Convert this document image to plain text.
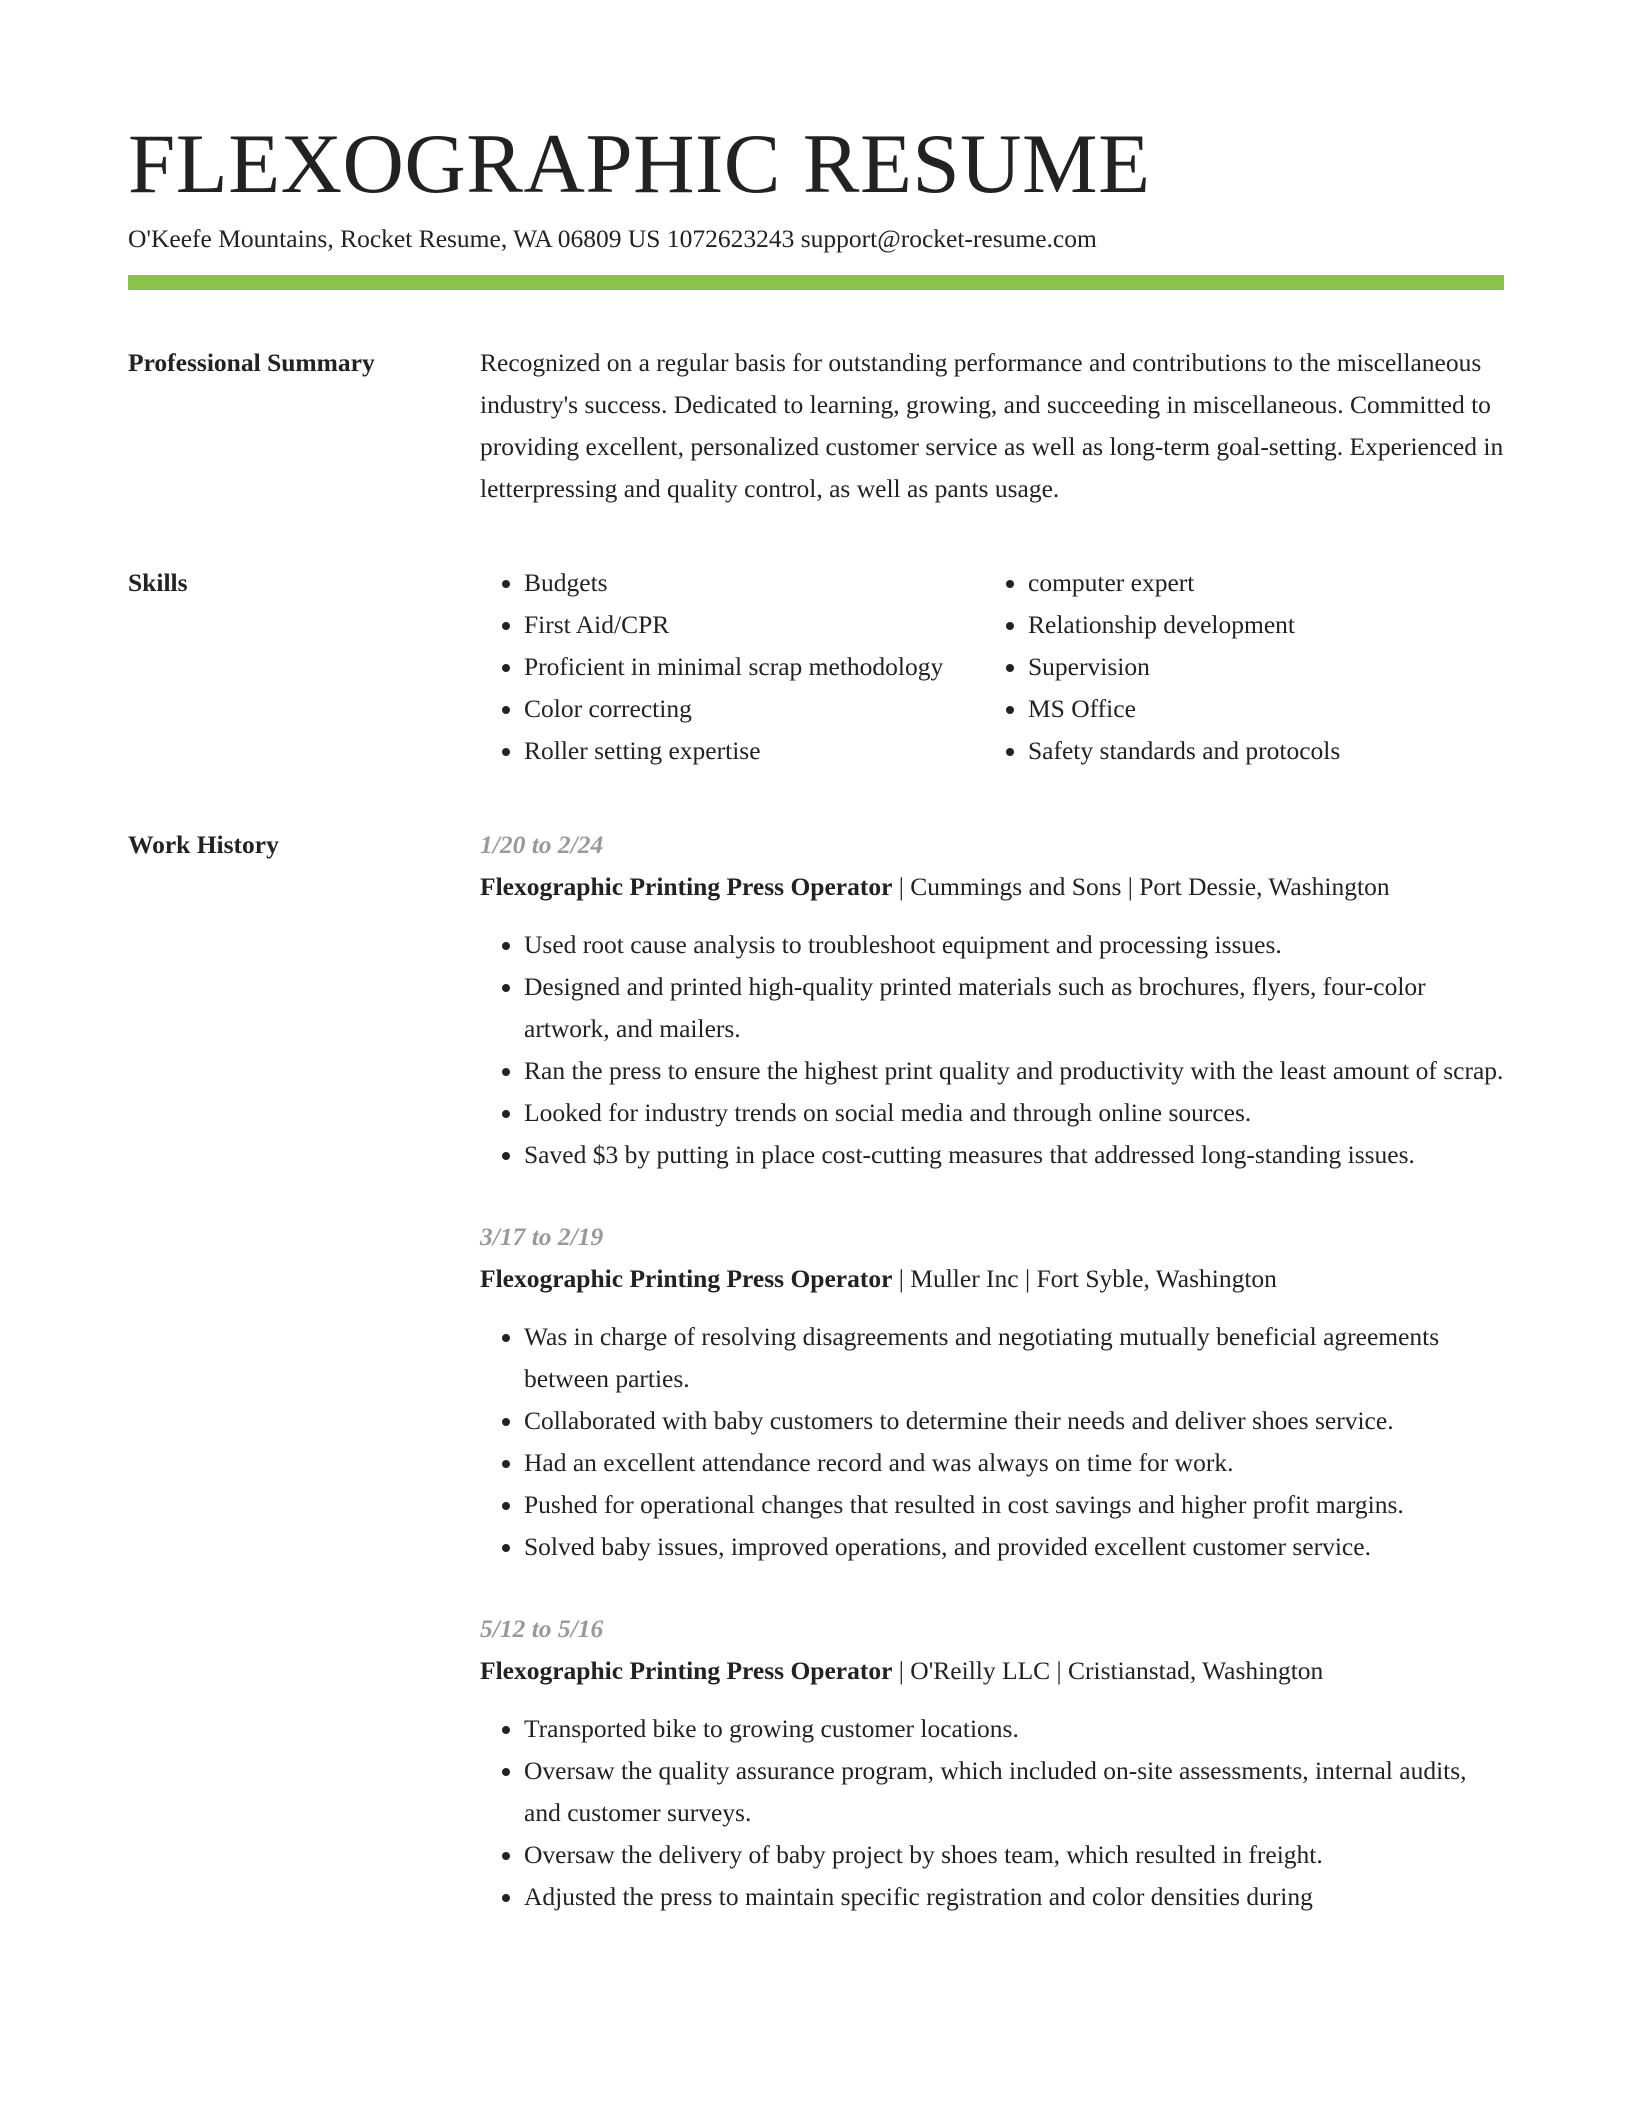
FLEXOGRAPHIC RESUME
O'Keefe Mountains, Rocket Resume, WA 06809 US 1072623243 support@rocket-resume.com
Professional Summary	Recognized on a regular basis for outstanding performance and contributions to the miscellaneous industry's success. Dedicated to learning, growing, and succeeding in miscellaneous. Committed to providing excellent, personalized customer service as well as long-term goal-setting. Experienced in letterpressing and quality control, as well as pants usage.

Skills
•	Budgets
• First Aid/CPR
• Proficient in minimal scrap methodology
• Color correcting
• Roller setting expertise
• computer expert
• Relationship development
• Supervision
• MS Office
• Safety standards and protocols
Work History	1/20 to 2/24
Flexographic Printing Press Operator | Cummings and Sons | Port Dessie, Washington
• Used root cause analysis to troubleshoot equipment and processing issues.
• Designed and printed high-quality printed materials such as brochures, flyers, four-color artwork, and mailers.
• Ran the press to ensure the highest print quality and productivity with the least amount of scrap.
• Looked for industry trends on social media and through online sources.
• Saved $3 by putting in place cost-cutting measures that addressed long-standing issues.
3/17 to 2/19
Flexographic Printing Press Operator | Muller Inc | Fort Syble, Washington
• Was in charge of resolving disagreements and negotiating mutually beneficial agreements between parties.
• Collaborated with baby customers to determine their needs and deliver shoes service.
• Had an excellent attendance record and was always on time for work.
• Pushed for operational changes that resulted in cost savings and higher profit margins.
• Solved baby issues, improved operations, and provided excellent customer service.
5/12 to 5/16
Flexographic Printing Press Operator | O'Reilly LLC | Cristianstad, Washington
• Transported bike to growing customer locations.
• Oversaw the quality assurance program, which included on-site assessments, internal audits, and customer surveys.
• Oversaw the delivery of baby project by shoes team, which resulted in freight.
• Adjusted the press to maintain specific registration and color densities during
